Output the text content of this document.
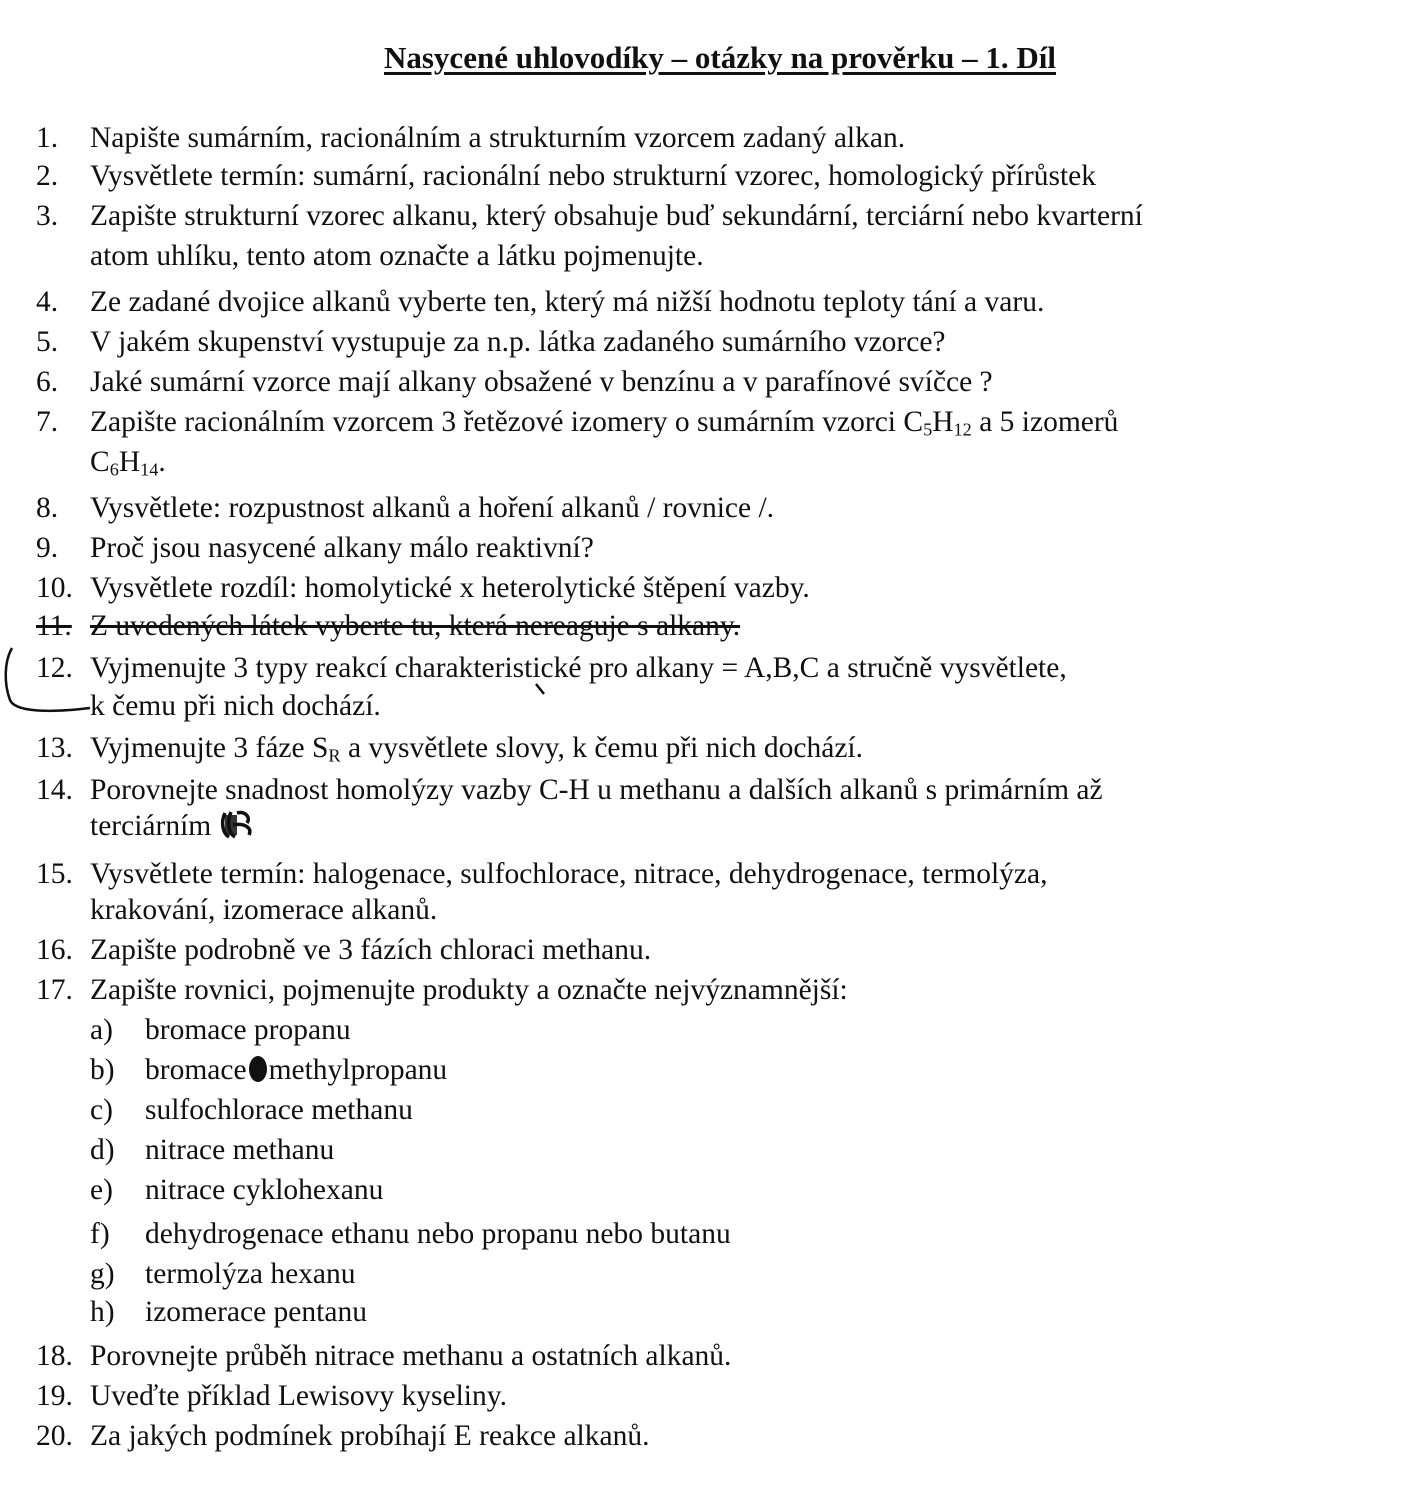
Nasycené uhlovodíky – otázky na prověrku – 1. Díl
1. Napište sumárním, racionálním a strukturním vzorcem zadaný alkan.
2. Vysvětlete termín: sumární, racionální nebo strukturní vzorec, homologický přírůstek
3. Zapište strukturní vzorec alkanu, který obsahuje buď sekundární, terciární nebo kvarterní
atom uhlíku, tento atom označte a látku pojmenujte.
4. Ze zadané dvojice alkanů vyberte ten, který má nižší hodnotu teploty tání a varu.
5. V jakém skupenství vystupuje za n.p. látka zadaného sumárního vzorce?
6. Jaké sumární vzorce mají alkany obsažené v benzínu a v parafínové svíčce ?
7. Zapište racionálním vzorcem 3 řetězové izomery o sumárním vzorci $C_5H_{12}$ a 5 izomerů
$C_6H_{14}$.
8. Vysvětlete: rozpustnost alkanů a hoření alkanů / rovnice /.
9. Proč jsou nasycené alkany málo reaktivní?
10. Vysvětlete rozdíl: homolytické x heterolytické štěpení vazby.
11. Z uvedených látek vyberte tu, která nereaguje s alkany.
12. Vyjmenujte 3 typy reakcí charakteristické pro alkany = A,B,C a stručně vysvětlete,
k čemu při nich dochází.
13. Vyjmenujte 3 fáze $S_R$ a vysvětlete slovy, k čemu při nich dochází.
14. Porovnejte snadnost homolýzy vazby C-H u methanu a dalších alkanů s primárním až
terciárním
15. Vysvětlete termín: halogenace, sulfochlorace, nitrace, dehydrogenace, termolýza,
krakování, izomerace alkanů.
16. Zapište podrobně ve 3 fázích chloraci methanu.
17. Zapište rovnici, pojmenujte produkty a označte nejvýznamnější:
a) bromace propanu
b) bromace methylpropanu
c) sulfochlorace methanu
d) nitrace methanu
e) nitrace cyklohexanu
f) dehydrogenace ethanu nebo propanu nebo butanu
g) termolýza hexanu
h) izomerace pentanu
18. Porovnejte průběh nitrace methanu a ostatních alkanů.
19. Uveďte příklad Lewisovy kyseliny.
20. Za jakých podmínek probíhají E reakce alkanů.
